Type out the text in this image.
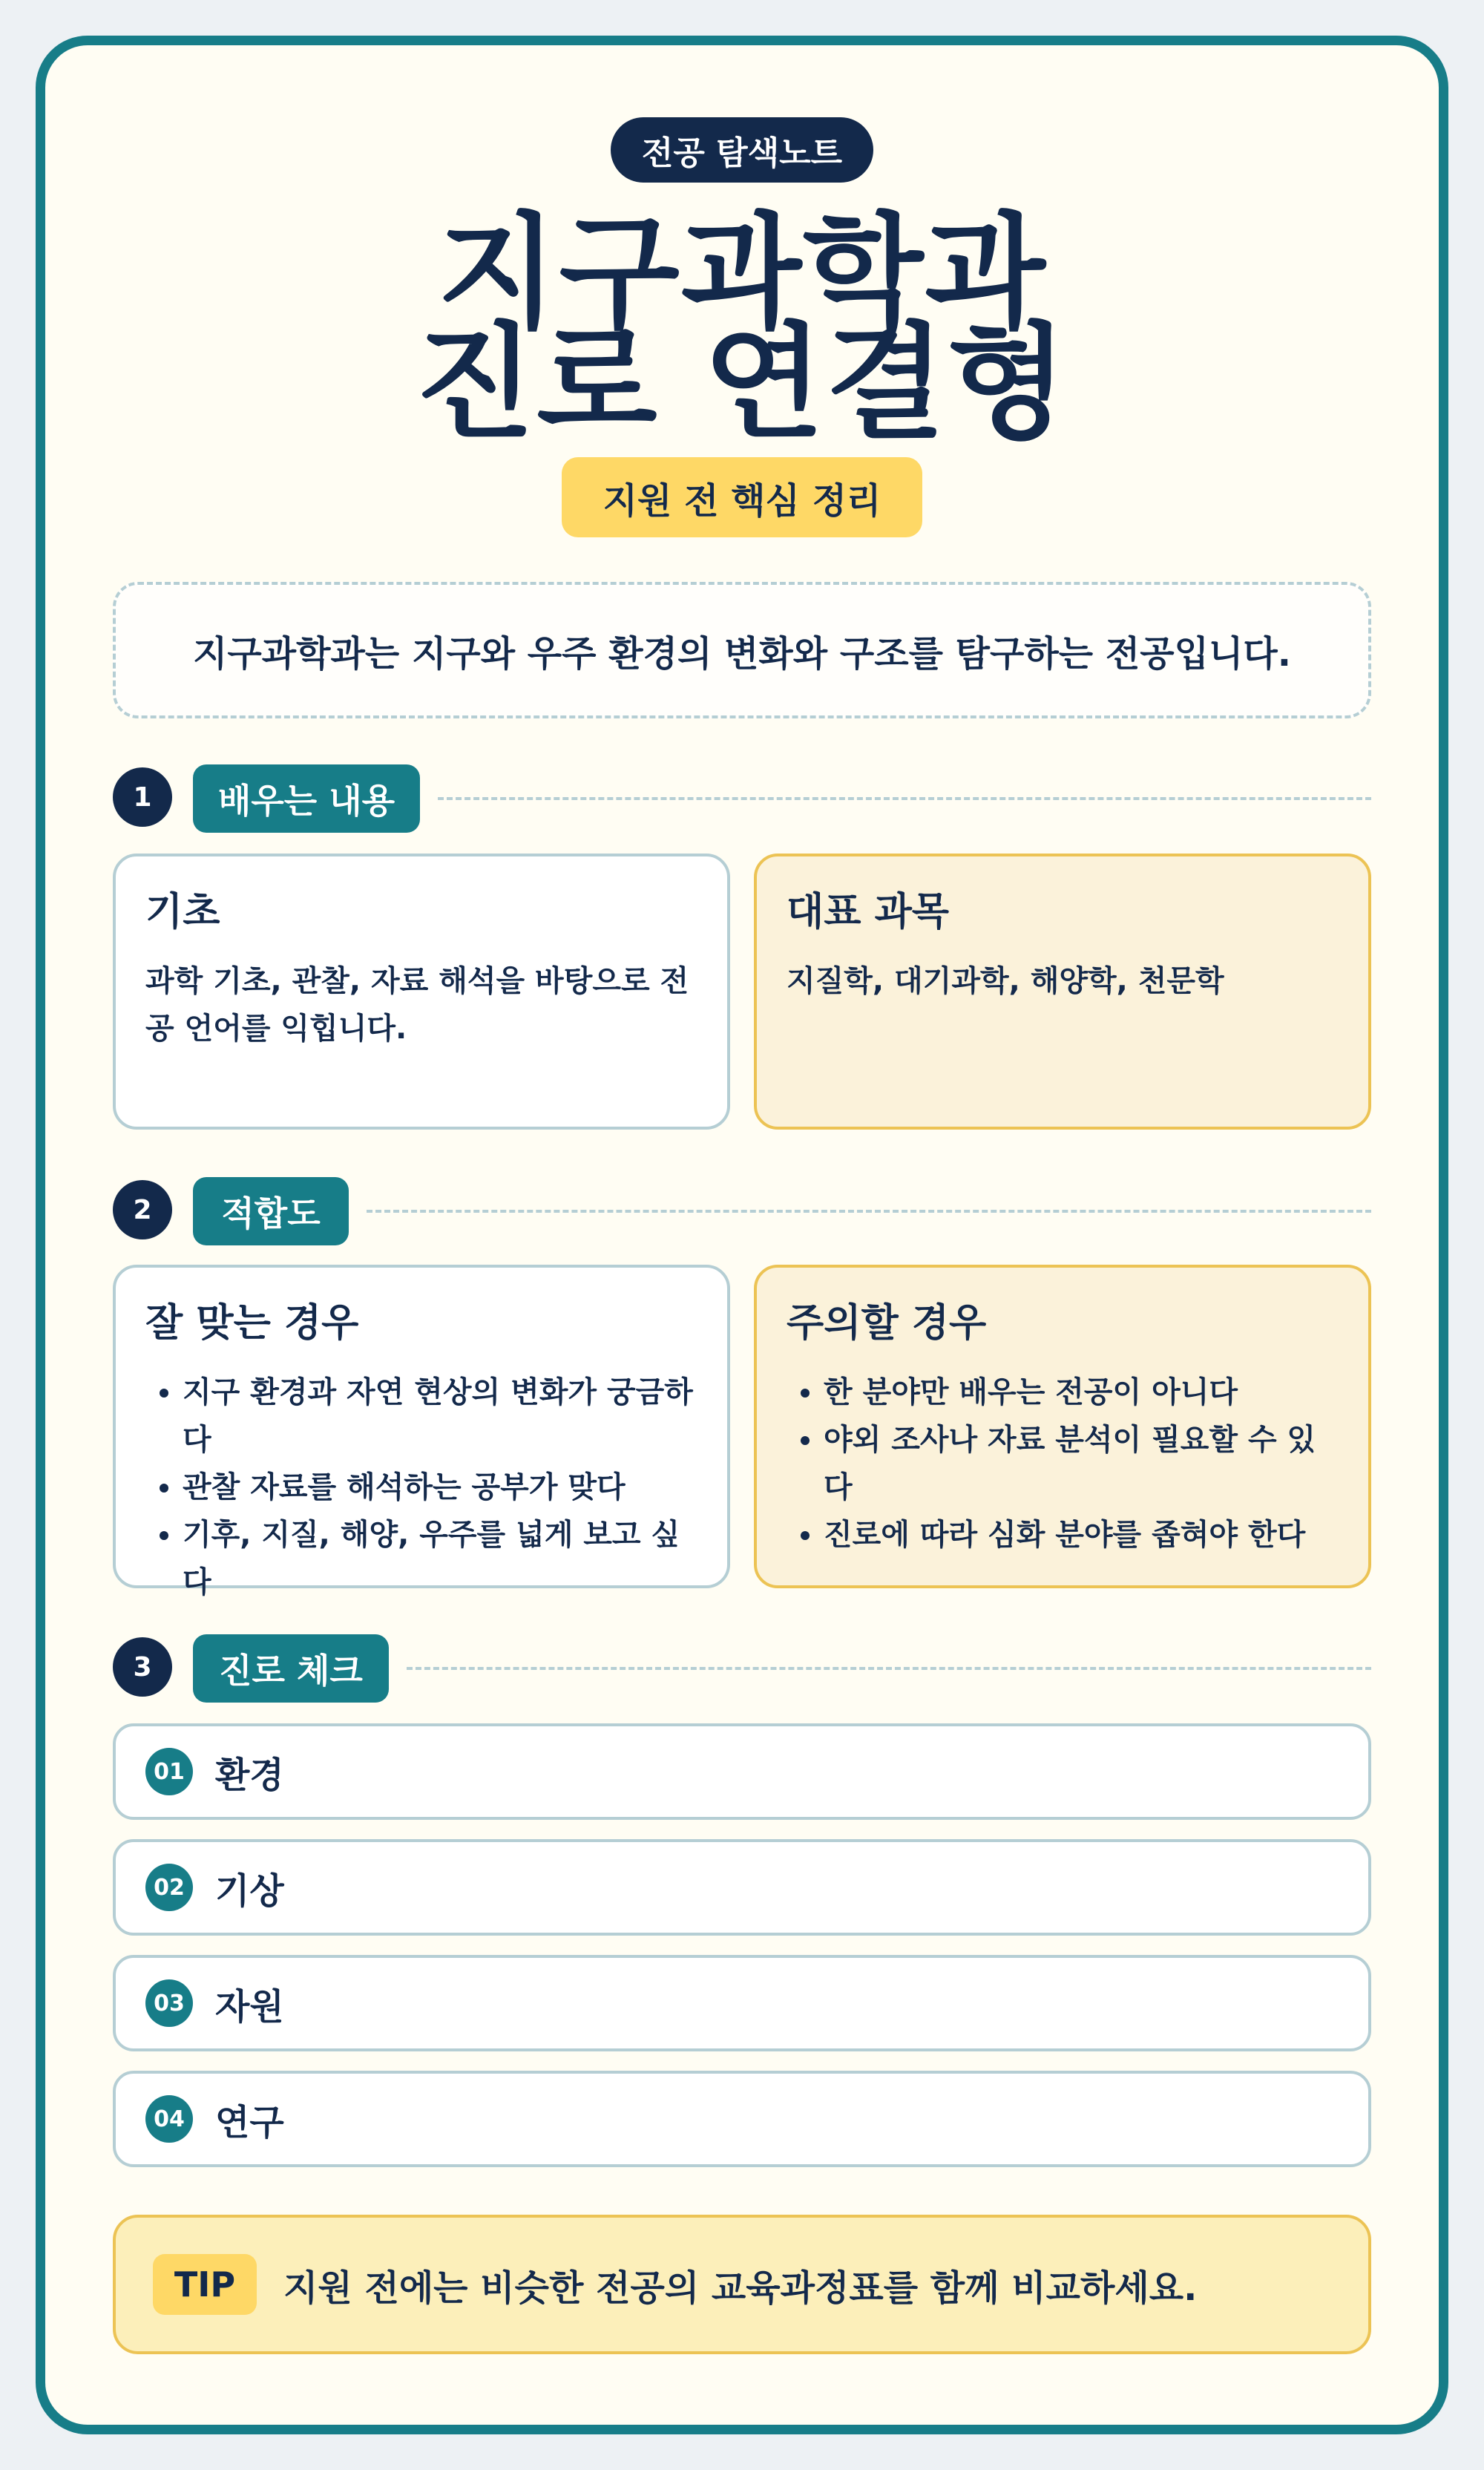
전공 탐색노트
지구과학과
진로 연결형
지원 전 핵심 정리
지구과학과는 지구와 우주 환경의 변화와 구조를 탐구하는 전공입니다.
1	배우는 내용
기초

과학 기초, 관찰, 자료 해석을 바탕으로 전공 언어를 익힙니다.

대표 과목

지질학, 대기과학, 해양학, 천문학

2	적합도
잘 맞는 경우
• 지구 환경과 자연 현상의 변화가 궁금하다
• 관찰 자료를 해석하는 공부가 맞다
• 기후, 지질, 해양, 우주를 넓게 보고 싶다
주의할 경우
• 한 분야만 배우는 전공이 아니다
• 야외 조사나 자료 분석이 필요할 수 있다
• 진로에 따라 심화 분야를 좁혀야 한다
3	진로 체크
01 환경
02 기상
03 자원
04 연구
TIP	지원 전에는 비슷한 전공의 교육과정표를 함께 비교하세요.
